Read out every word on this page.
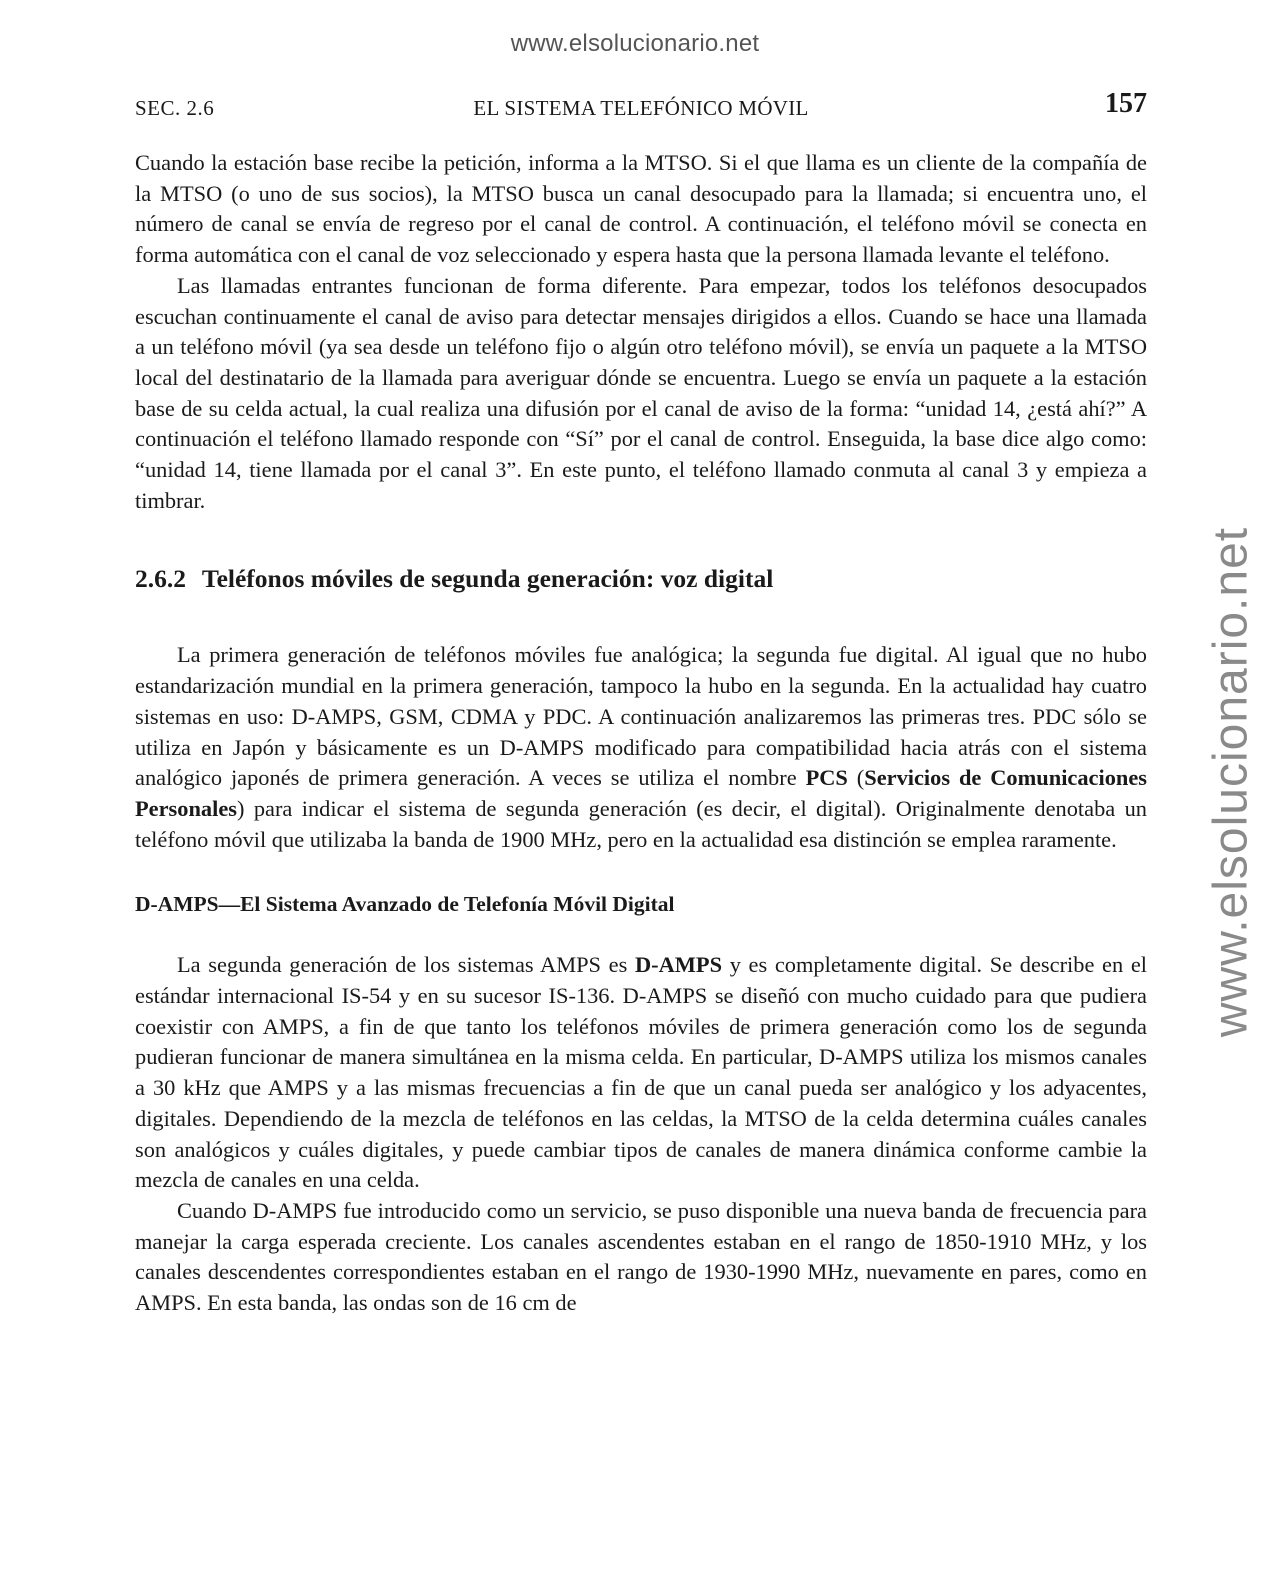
www.elsolucionario.net
www.elsolucionario.net
SEC. 2.6	EL SISTEMA TELEFÓNICO MÓVIL	157

Cuando la estación base recibe la petición, informa a la MTSO. Si el que llama es un cliente de la compañía de la MTSO (o uno de sus socios), la MTSO busca un canal desocupado para la llamada; si encuentra uno, el número de canal se envía de regreso por el canal de control. A continuación, el teléfono móvil se conecta en forma automática con el canal de voz seleccionado y espera hasta que la persona llamada levante el teléfono.

Las llamadas entrantes funcionan de forma diferente. Para empezar, todos los teléfonos desocupados escuchan continuamente el canal de aviso para detectar mensajes dirigidos a ellos. Cuando se hace una llamada a un teléfono móvil (ya sea desde un teléfono fijo o algún otro teléfono móvil), se envía un paquete a la MTSO local del destinatario de la llamada para averiguar dónde se encuentra. Luego se envía un paquete a la estación base de su celda actual, la cual realiza una difusión por el canal de aviso de la forma: “unidad 14, ¿está ahí?” A continuación el teléfono llamado responde con “Sí” por el canal de control. Enseguida, la base dice algo como: “unidad 14, tiene llamada por el canal 3”. En este punto, el teléfono llamado conmuta al canal 3 y empieza a timbrar.

2.6.2 Teléfonos móviles de segunda generación: voz digital

La primera generación de teléfonos móviles fue analógica; la segunda fue digital. Al igual que no hubo estandarización mundial en la primera generación, tampoco la hubo en la segunda. En la actualidad hay cuatro sistemas en uso: D-AMPS, GSM, CDMA y PDC. A continuación analizaremos las primeras tres. PDC sólo se utiliza en Japón y básicamente es un D-AMPS modificado para compatibilidad hacia atrás con el sistema analógico japonés de primera generación. A veces se utiliza el nombre PCS (Servicios de Comunicaciones Personales) para indicar el sistema de segunda generación (es decir, el digital). Originalmente denotaba un teléfono móvil que utilizaba la banda de 1900 MHz, pero en la actualidad esa distinción se emplea raramente.

D-AMPS—El Sistema Avanzado de Telefonía Móvil Digital

La segunda generación de los sistemas AMPS es D-AMPS y es completamente digital. Se describe en el estándar internacional IS-54 y en su sucesor IS-136. D-AMPS se diseñó con mucho cuidado para que pudiera coexistir con AMPS, a fin de que tanto los teléfonos móviles de primera generación como los de segunda pudieran funcionar de manera simultánea en la misma celda. En particular, D-AMPS utiliza los mismos canales a 30 kHz que AMPS y a las mismas frecuencias a fin de que un canal pueda ser analógico y los adyacentes, digitales. Dependiendo de la mezcla de teléfonos en las celdas, la MTSO de la celda determina cuáles canales son analógicos y cuáles digitales, y puede cambiar tipos de canales de manera dinámica conforme cambie la mezcla de canales en una celda.

Cuando D-AMPS fue introducido como un servicio, se puso disponible una nueva banda de frecuencia para manejar la carga esperada creciente. Los canales ascendentes estaban en el rango de 1850-1910 MHz, y los canales descendentes correspondientes estaban en el rango de 1930-1990 MHz, nuevamente en pares, como en AMPS. En esta banda, las ondas son de 16 cm de
